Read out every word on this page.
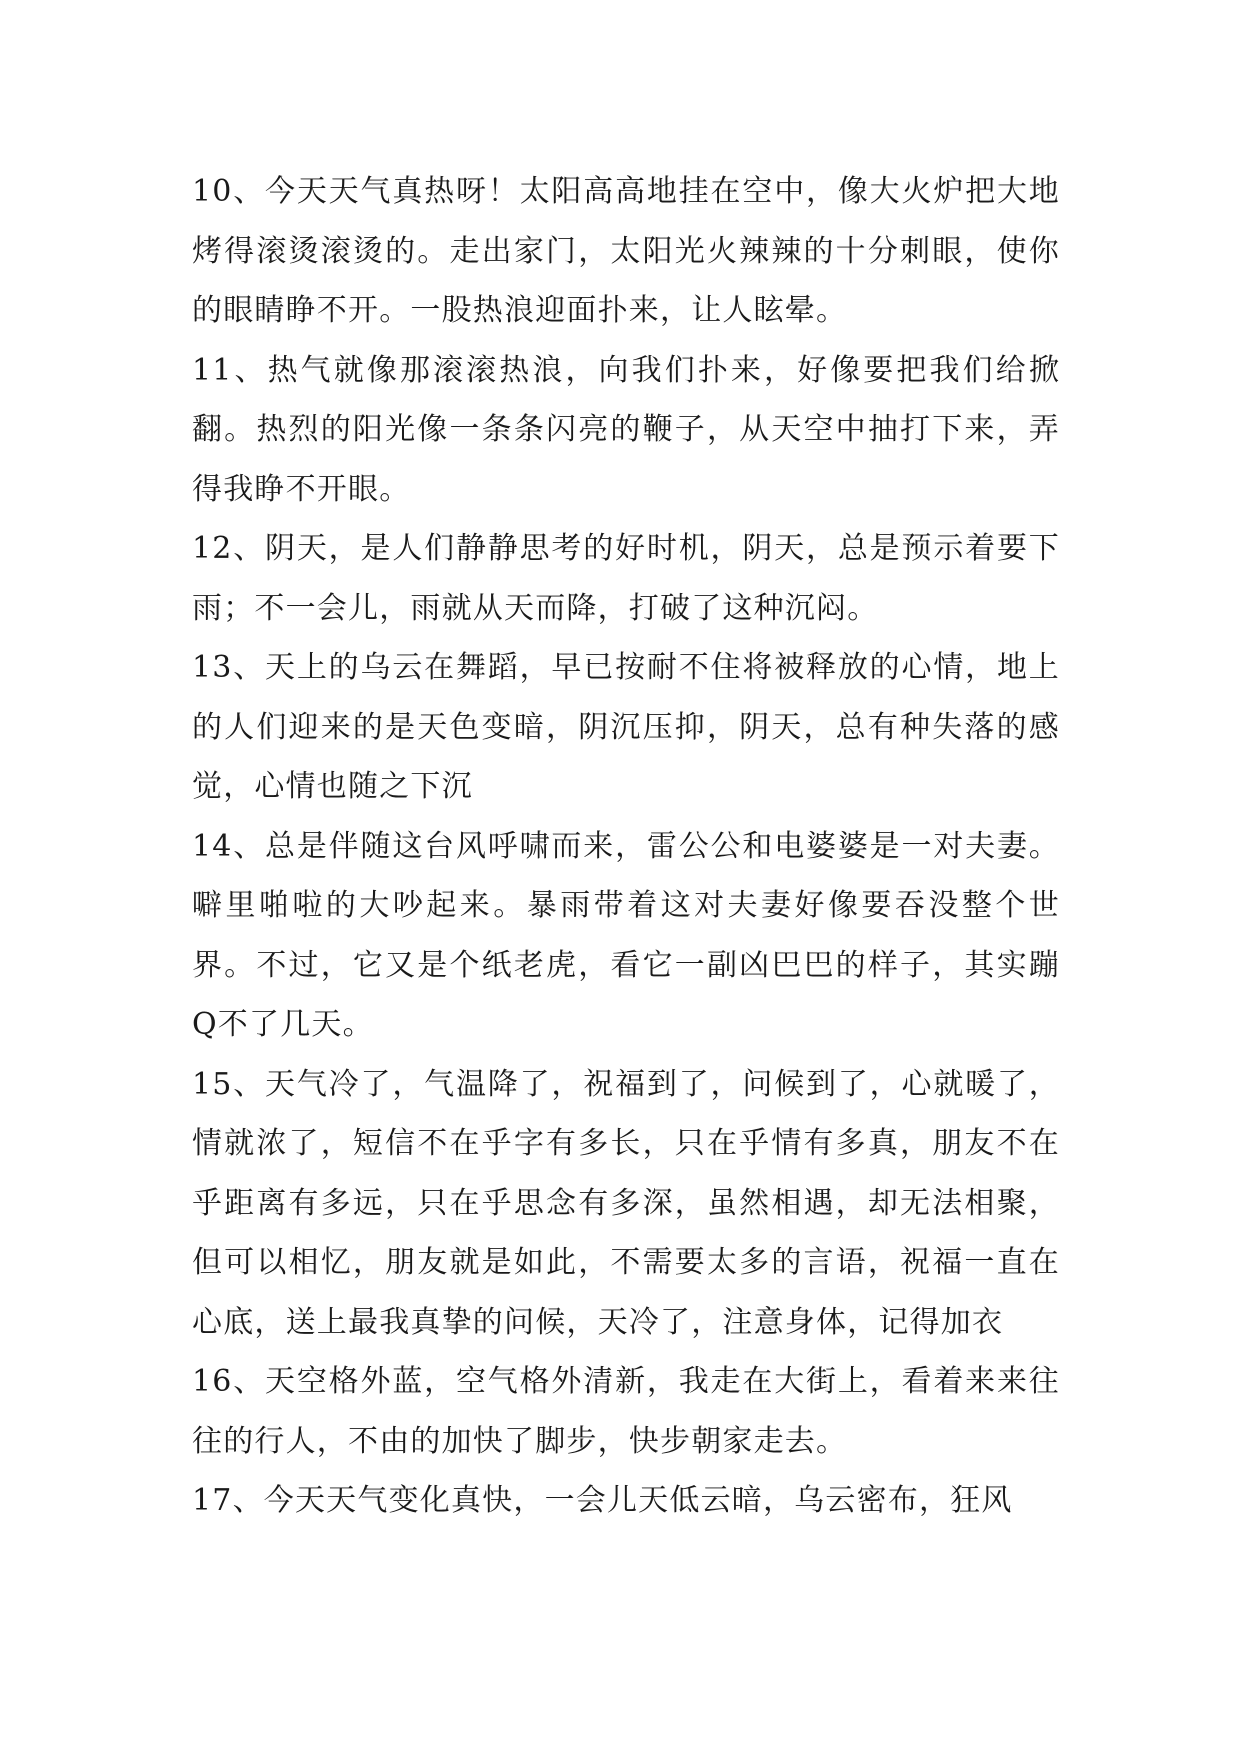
10、今天天气真热呀！太阳高高地挂在空中，像大火炉把大地烤得滚烫滚烫的。走出家门，太阳光火辣辣的十分刺眼，使你的眼睛睁不开。一股热浪迎面扑来，让人眩晕。

11、热气就像那滚滚热浪，向我们扑来，好像要把我们给掀翻。热烈的阳光像一条条闪亮的鞭子，从天空中抽打下来，弄得我睁不开眼。

12、阴天，是人们静静思考的好时机，阴天，总是预示着要下雨；不一会儿，雨就从天而降，打破了这种沉闷。

13、天上的乌云在舞蹈，早已按耐不住将被释放的心情，地上的人们迎来的是天色变暗，阴沉压抑，阴天，总有种失落的感觉，心情也随之下沉

14、总是伴随这台风呼啸而来，雷公公和电婆婆是一对夫妻。噼里啪啦的大吵起来。暴雨带着这对夫妻好像要吞没整个世界。不过，它又是个纸老虎，看它一副凶巴巴的样子，其实蹦Q不了几天。

15、天气冷了，气温降了，祝福到了，问候到了，心就暖了，情就浓了，短信不在乎字有多长，只在乎情有多真，朋友不在乎距离有多远，只在乎思念有多深，虽然相遇，却无法相聚，但可以相忆，朋友就是如此，不需要太多的言语，祝福一直在心底，送上最我真挚的问候，天冷了，注意身体，记得加衣

16、天空格外蓝，空气格外清新，我走在大街上，看着来来往往的行人，不由的加快了脚步，快步朝家走去。

17、今天天气变化真快，一会儿天低云暗，乌云密布，狂风
